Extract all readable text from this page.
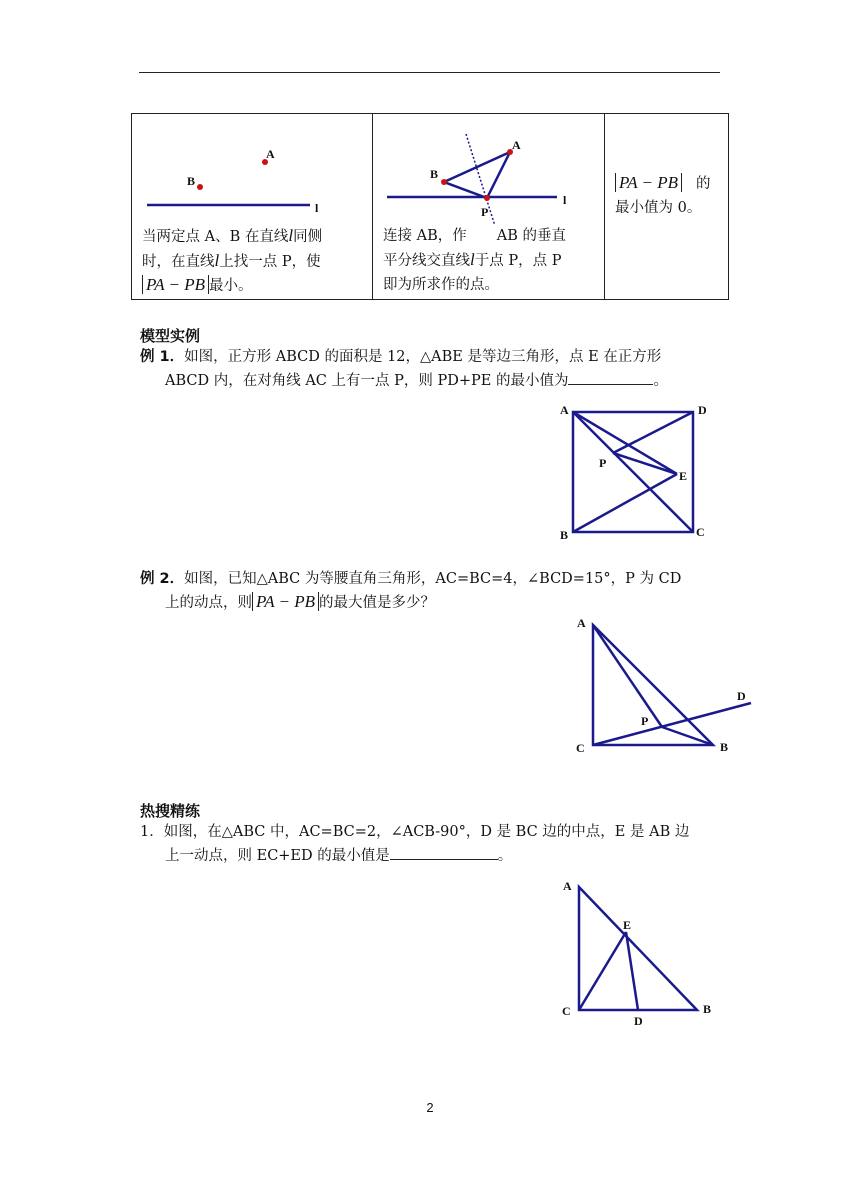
l
A
B
当两定点 A、B 在直线l同侧
时，在直线l上找一点 P，使
PA − PB 最小。

l
A
B
P
连接 AB，作 AB 的垂直
平分线交直线l于点 P，点 P
即为所求作的点。

PA − PB 的
最小值为 0。
模型实例
例 1．如图，正方形 ABCD 的面积是 12，△ABE 是等边三角形，点 E 在正方形
ABCD 内，在对角线 AC 上有一点 P，则 PD+PE 的最小值为	。
A	D
P
E
B	C
例 2．如图，已知△ABC 为等腰直角三角形，AC=BC=4，∠BCD=15°，P 为 CD
上的动点，则 PA − PB 的最大值是多少？
A
D
P
C	B
热搜精练
1．如图，在△ABC 中，AC=BC=2，∠ACB-90°，D 是 BC 边的中点，E 是 AB 边
上一动点，则 EC+ED 的最小值是	。
A
E
C
D
B
2
